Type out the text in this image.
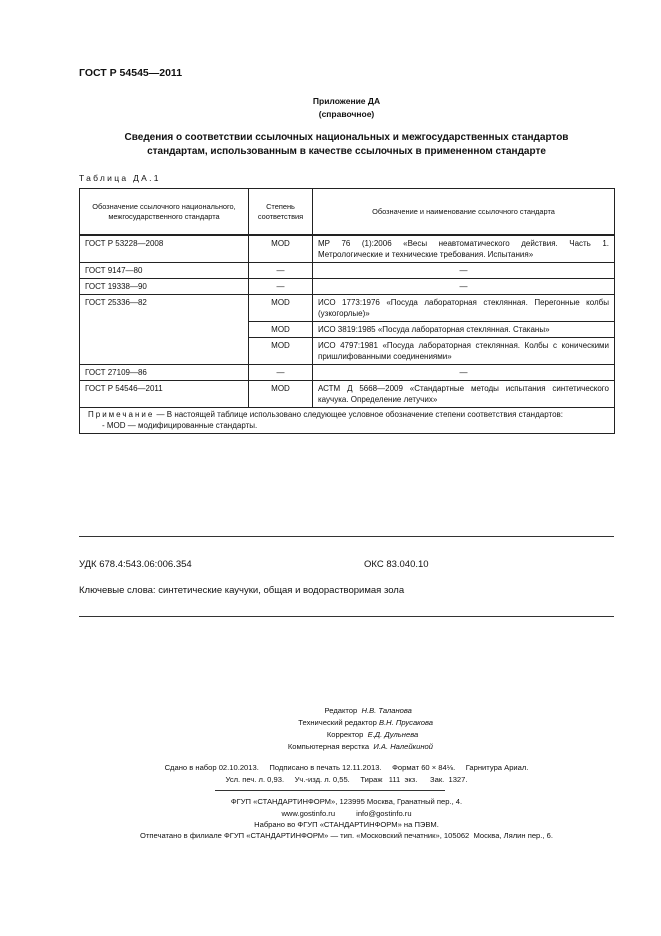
ГОСТ Р 54545—2011
Приложение ДА
(справочное)
Сведения о соответствии ссылочных национальных и межгосударственных стандартов
стандартам, использованным в качестве ссылочных в примененном стандарте
Таблица ДА.1
Обозначение ссылочного национального, межгосударственного стандарта	Степень соответствия	Обозначение и наименование ссылочного стандарта
ГОСТ Р 53228—2008	MOD	МР 76 (1):2006 «Весы неавтоматического действия. Часть 1. Метрологические и технические требования. Испытания»
ГОСТ 9147—80	—	—
ГОСТ 19338—90	—	—
ГОСТ 25336—82	MOD	ИСО 1773:1976 «Посуда лабораторная стеклянная. Перегонные колбы (узкогорлые)»
	MOD	ИСО 3819:1985 «Посуда лабораторная стеклянная. Стаканы»
	MOD	ИСО 4797:1981 «Посуда лабораторная стеклянная. Колбы с коническими пришлифованными соединениями»
ГОСТ 27109—86	—	—
ГОСТ Р 54546—2011	MOD	АСТМ Д 5668—2009 «Стандартные методы испытания синтетического каучука. Определение летучих»
Примечание — В настоящей таблице использовано следующее условное обозначение степени соответствия стандартов:
- MOD — модифицированные стандарты.		
УДК 678.4:543.06:006.354	ОКС 83.040.10
Ключевые слова: синтетические каучуки, общая и водорастворимая зола
Редактор Н.В. Таланова
Технический редактор В.Н. Прусакова
Корректор Е.Д. Дульнева
Компьютерная верстка И.А. Налейкиной
Сдано в набор 02.10.2013.     Подписано в печать 12.11.2013.     Формат 60 × 84⅛.     Гарнитура Ариал.
Усл. печ. л. 0,93.     Уч.-изд. л. 0,55.     Тираж   111  экз.      Зак.  1327.
ФГУП «СТАНДАРТИНФОРМ», 123995 Москва, Гранатный пер., 4.
www.gostinfo.ru          info@gostinfo.ru
Набрано во ФГУП «СТАНДАРТИНФОРМ» на ПЭВМ.
Отпечатано в филиале ФГУП «СТАНДАРТИНФОРМ» — тип. «Московский печатник», 105062  Москва, Лялин пер., 6.
